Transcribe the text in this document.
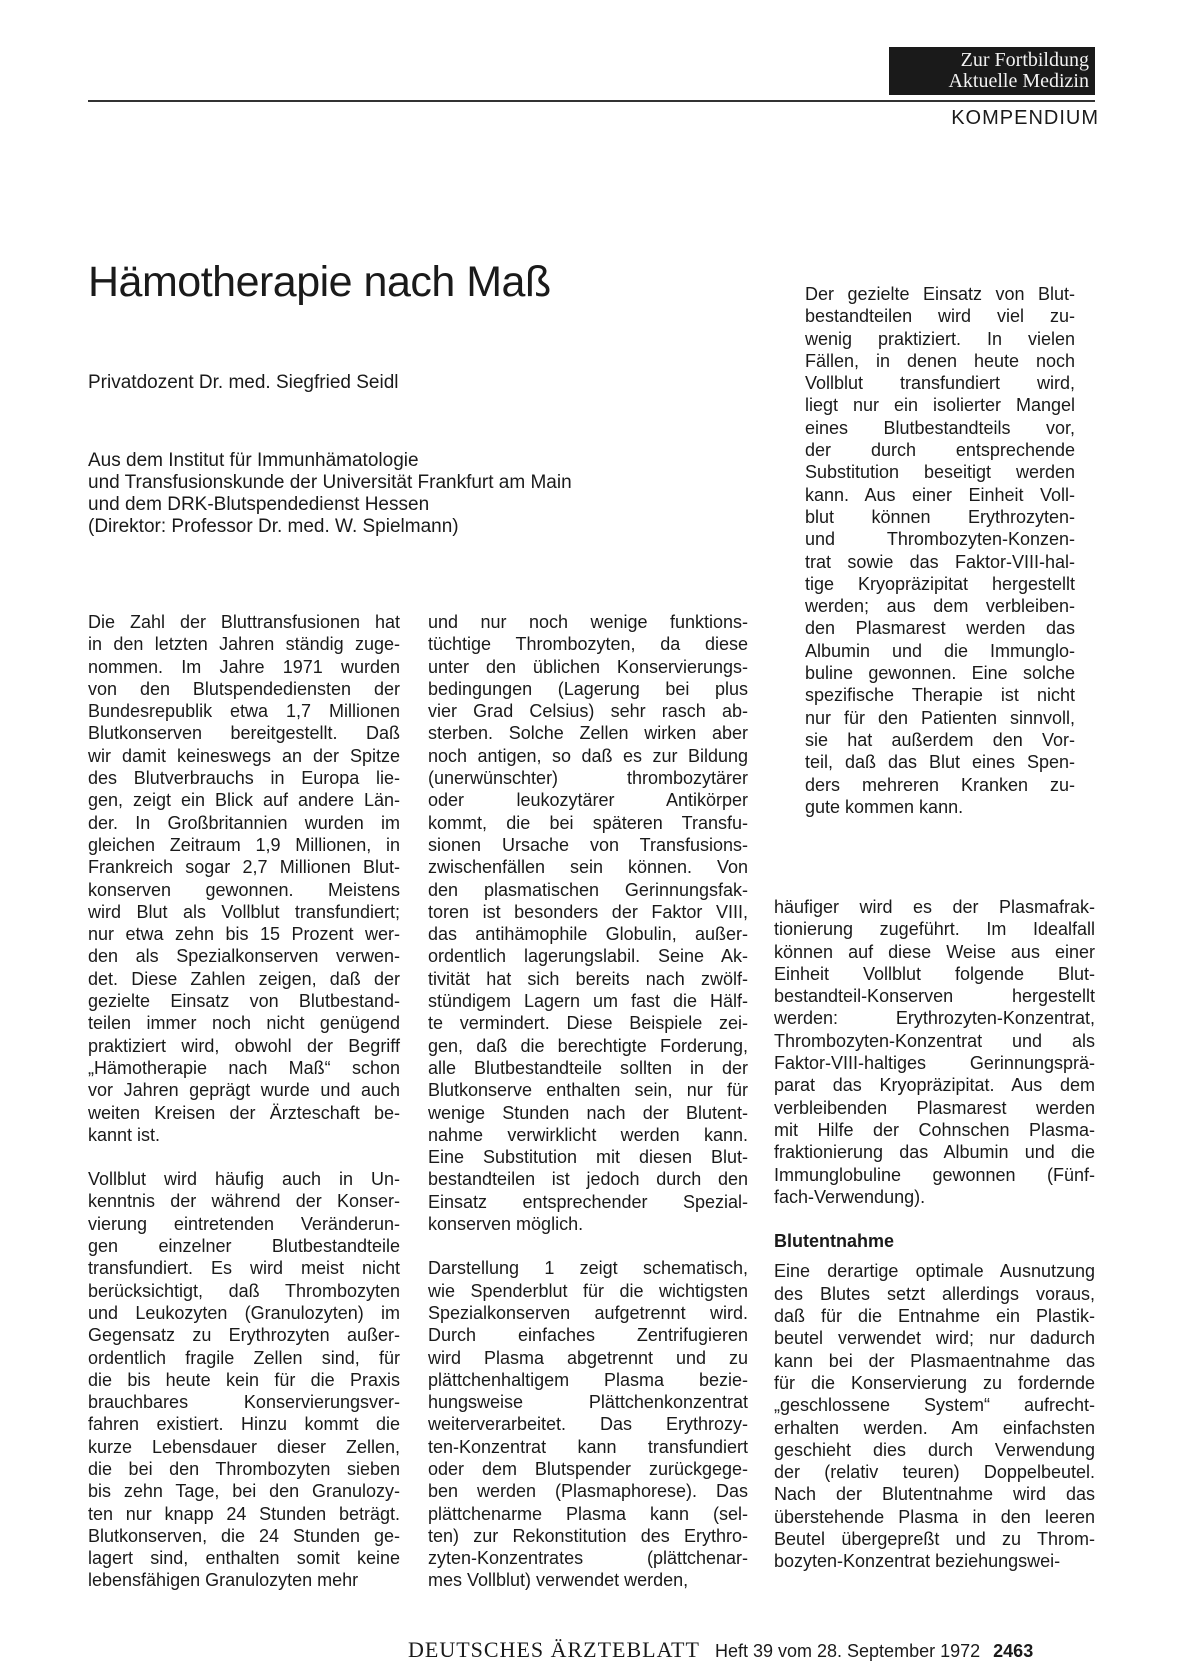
Zur Fortbildung
Aktuelle Medizin
KOMPENDIUM
Hämotherapie nach Maß
Privatdozent Dr. med. Siegfried Seidl
Aus dem Institut für Immunhämatologie
und Transfusionskunde der Universität Frankfurt am Main
und dem DRK-Blutspendedienst Hessen
(Direktor: Professor Dr. med. W. Spielmann)
Der gezielte Einsatz von Blut-
bestandteilen wird viel zu-
wenig praktiziert. In vielen
Fällen, in denen heute noch
Vollblut transfundiert wird,
liegt nur ein isolierter Mangel
eines Blutbestandteils vor,
der durch entsprechende
Substitution beseitigt werden
kann. Aus einer Einheit Voll-
blut können Erythrozyten-
und Thrombozyten-Konzen-
trat sowie das Faktor-VIII-hal-
tige Kryopräzipitat hergestellt
werden; aus dem verbleiben-
den Plasmarest werden das
Albumin und die Immunglo-
buline gewonnen. Eine solche
spezifische Therapie ist nicht
nur für den Patienten sinnvoll,
sie hat außerdem den Vor-
teil, daß das Blut eines Spen-
ders mehreren Kranken zu-
gute kommen kann.
Die Zahl der Bluttransfusionen hat
in den letzten Jahren ständig zuge-
nommen. Im Jahre 1971 wurden
von den Blutspendediensten der
Bundesrepublik etwa 1,7 Millionen
Blutkonserven bereitgestellt. Daß
wir damit keineswegs an der Spitze
des Blutverbrauchs in Europa lie-
gen, zeigt ein Blick auf andere Län-
der. In Großbritannien wurden im
gleichen Zeitraum 1,9 Millionen, in
Frankreich sogar 2,7 Millionen Blut-
konserven gewonnen. Meistens
wird Blut als Vollblut transfundiert;
nur etwa zehn bis 15 Prozent wer-
den als Spezialkonserven verwen-
det. Diese Zahlen zeigen, daß der
gezielte Einsatz von Blutbestand-
teilen immer noch nicht genügend
praktiziert wird, obwohl der Begriff
„Hämotherapie nach Maß“ schon
vor Jahren geprägt wurde und auch
weiten Kreisen der Ärzteschaft be-
kannt ist.
Vollblut wird häufig auch in Un-
kenntnis der während der Konser-
vierung eintretenden Veränderun-
gen einzelner Blutbestandteile
transfundiert. Es wird meist nicht
berücksichtigt, daß Thrombozyten
und Leukozyten (Granulozyten) im
Gegensatz zu Erythrozyten außer-
ordentlich fragile Zellen sind, für
die bis heute kein für die Praxis
brauchbares Konservierungsver-
fahren existiert. Hinzu kommt die
kurze Lebensdauer dieser Zellen,
die bei den Thrombozyten sieben
bis zehn Tage, bei den Granulozy-
ten nur knapp 24 Stunden beträgt.
Blutkonserven, die 24 Stunden ge-
lagert sind, enthalten somit keine
lebensfähigen Granulozyten mehr
und nur noch wenige funktions-
tüchtige Thrombozyten, da diese
unter den üblichen Konservierungs-
bedingungen (Lagerung bei plus
vier Grad Celsius) sehr rasch ab-
sterben. Solche Zellen wirken aber
noch antigen, so daß es zur Bildung
(unerwünschter) thrombozytärer
oder leukozytärer Antikörper
kommt, die bei späteren Transfu-
sionen Ursache von Transfusions-
zwischenfällen sein können. Von
den plasmatischen Gerinnungsfak-
toren ist besonders der Faktor VIII,
das antihämophile Globulin, außer-
ordentlich lagerungslabil. Seine Ak-
tivität hat sich bereits nach zwölf-
stündigem Lagern um fast die Hälf-
te vermindert. Diese Beispiele zei-
gen, daß die berechtigte Forderung,
alle Blutbestandteile sollten in der
Blutkonserve enthalten sein, nur für
wenige Stunden nach der Blutent-
nahme verwirklicht werden kann.
Eine Substitution mit diesen Blut-
bestandteilen ist jedoch durch den
Einsatz entsprechender Spezial-
konserven möglich.
Darstellung 1 zeigt schematisch,
wie Spenderblut für die wichtigsten
Spezialkonserven aufgetrennt wird.
Durch einfaches Zentrifugieren
wird Plasma abgetrennt und zu
plättchenhaltigem Plasma bezie-
hungsweise Plättchenkonzentrat
weiterverarbeitet. Das Erythrozy-
ten-Konzentrat kann transfundiert
oder dem Blutspender zurückgege-
ben werden (Plasmaphorese). Das
plättchenarme Plasma kann (sel-
ten) zur Rekonstitution des Erythro-
zyten-Konzentrates (plättchenar-
mes Vollblut) verwendet werden,
häufiger wird es der Plasmafrak-
tionierung zugeführt. Im Idealfall
können auf diese Weise aus einer
Einheit Vollblut folgende Blut-
bestandteil-Konserven hergestellt
werden: Erythrozyten-Konzentrat,
Thrombozyten-Konzentrat und als
Faktor-VIII-haltiges Gerinnungsprä-
parat das Kryopräzipitat. Aus dem
verbleibenden Plasmarest werden
mit Hilfe der Cohnschen Plasma-
fraktionierung das Albumin und die
Immunglobuline gewonnen (Fünf-
fach-Verwendung).
Blutentnahme
Eine derartige optimale Ausnutzung
des Blutes setzt allerdings voraus,
daß für die Entnahme ein Plastik-
beutel verwendet wird; nur dadurch
kann bei der Plasmaentnahme das
für die Konservierung zu fordernde
„geschlossene System“ aufrecht-
erhalten werden. Am einfachsten
geschieht dies durch Verwendung
der (relativ teuren) Doppelbeutel.
Nach der Blutentnahme wird das
überstehende Plasma in den leeren
Beutel übergepreßt und zu Throm-
bozyten-Konzentrat beziehungswei-
DEUTSCHES ÄRZTEBLATT Heft 39 vom 28. September 1972 2463
